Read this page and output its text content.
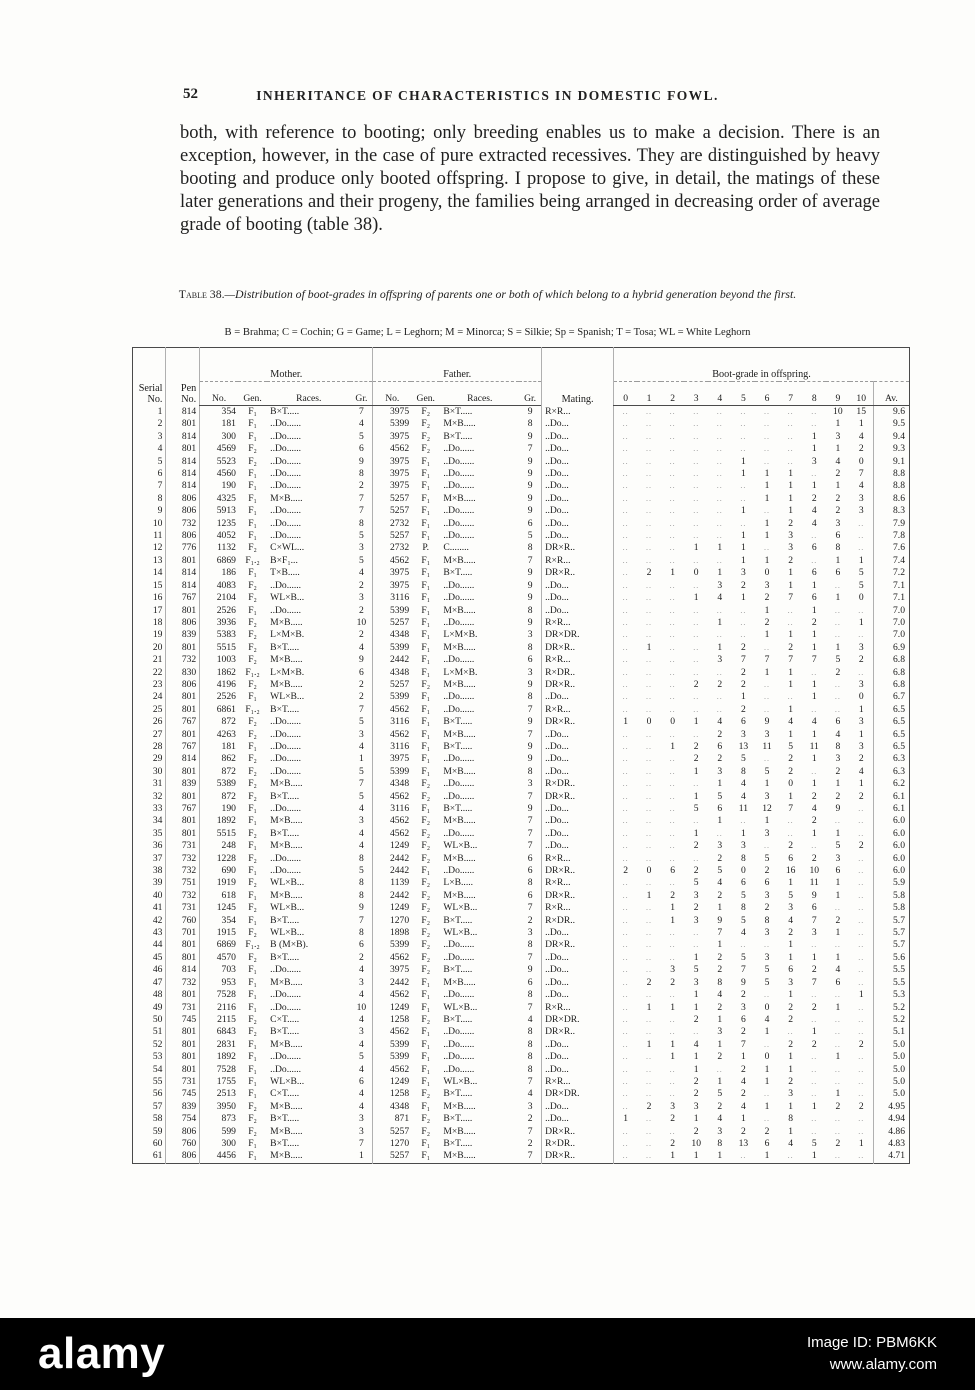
52	INHERITANCE OF CHARACTERISTICS IN DOMESTIC FOWL.

both, with reference to booting; only breeding enables us to make a decision. There is an exception, however, in the case of pure extracted recessives. They are distinguished by heavy booting and produce only booted offspring. I propose to give, in detail, the matings of these later generations and their progeny, the families being arranged in decreasing order of average grade of booting (table 38).

Table 38.—Distribution of boot-grades in offspring of parents one or both of which belong to a hybrid generation beyond the first.
B = Brahma; C = Cochin; G = Game; L = Leghorn; M = Minorca; S = Silkie; Sp = Spanish; T = Tosa; WL = White Leghorn
Serial No.	Pen No.	Mother.				Father.				Mating.	Boot-grade in offspring.											
		No.	Gen.	Races.	Gr.	No.	Gen.	Races.	Gr.		0	1	2	3	4	5	6	7	8	9	10	Av.
1	814	354	F₁	B×T.....	7	3975	F₂	B×T.....	9	R×R...	..	..	..	..	..	..	..	..	..	10	15	9.6
2	801	181	F₁	..Do......	4	5399	F₂	M×B.....	8	..Do...	..	..	..	..	..	..	..	..	..	1	1	9.5
3	814	300	F₁	..Do......	5	3975	F₂	B×T.....	9	..Do...	..	..	..	..	..	..	..	..	1	3	4	9.4
4	801	4569	F₂	..Do......	6	4562	F₂	..Do......	7	..Do...	..	..	..	..	..	..	..	..	1	1	2	9.3
5	814	5523	F₂	..Do......	9	3975	F₁	..Do......	9	..Do...	..	..	..	..	..	1	..	..	3	4	0	9.1
6	814	4560	F₁	..Do......	8	3975	F₁	..Do......	9	..Do...	..	..	..	..	..	1	1	1	..	2	7	8.8
7	814	190	F₁	..Do......	2	3975	F₁	..Do......	9	..Do...	..	..	..	..	..	..	1	1	1	1	4	8.8
8	806	4325	F₁	M×B.....	7	5257	F₁	M×B.....	9	..Do...	..	..	..	..	..	..	1	1	2	2	3	8.6
9	806	5913	F₁	..Do......	7	5257	F₁	..Do......	9	..Do...	..	..	..	..	..	1	..	1	4	2	3	8.3
10	732	1235	F₁	..Do......	8	2732	F₁	..Do......	6	..Do...	..	..	..	..	..	..	1	2	4	3	..	7.9
11	806	4052	F₁	..Do......	5	5257	F₁	..Do......	5	..Do...	..	..	..	..	..	1	1	3	..	6	..	7.8
12	776	1132	F₂	C×WL...	3	2732	P.	C........	8	DR×R..	..	..	..	1	1	1	..	3	6	8	..	7.6
13	801	6869	F₁.₂	B×F₁...	5	4562	F₁	M×B.....	7	R×R...	..	..	..	..	..	1	1	2	..	1	1	7.4
14	814	186	F₁	T×B.....	4	3975	F₁	B×T.....	9	DR×R..	..	2	1	0	1	3	0	1	6	6	5	7.2
15	814	4083	F₂	..Do......	2	3975	F₁	..Do......	9	..Do...	..	..	..	..	3	2	3	1	1	..	5	7.1
16	767	2104	F₂	WL×B...	3	3116	F₁	..Do......	9	..Do...	..	..	..	1	4	1	2	7	6	1	0	7.1
17	801	2526	F₁	..Do......	2	5399	F₁	M×B.....	8	..Do...	..	..	..	..	..	..	1	..	1	..	..	7.0
18	806	3936	F₂	M×B.....	10	5257	F₁	..Do......	9	R×R...	..	..	..	..	1	..	2	..	2	..	1	7.0
19	839	5383	F₂	L×M×B.	2	4348	F₁	L×M×B.	3	DR×DR.	..	..	..	..	..	..	1	1	1	..	..	7.0
20	801	5515	F₂	B×T.....	4	5399	F₁	M×B.....	8	DR×R..	..	1	..	..	1	2	..	2	1	1	3	6.9
21	732	1003	F₂	M×B.....	9	2442	F₁	..Do......	6	R×R...	..	..	..	..	3	7	7	7	7	5	2	6.8
22	830	1862	F₁.₂	L×M×B.	6	4348	F₁	L×M×B.	3	R×DR..	..	..	..	..	..	2	1	1	..	2	..	6.8
23	806	4196	F₂	M×B.....	2	5257	F₂	M×B.....	9	DR×R..	..	..	..	2	2	2	..	1	1	..	3	6.8
24	801	2526	F₁	WL×B...	2	5399	F₁	..Do......	8	..Do...	..	..	..	..	..	1	..	..	1	..	0	6.7
25	801	6861	F₁.₂	B×T.....	7	4562	F₁	..Do......	7	R×R...	..	..	..	..	..	2	..	1	..	..	1	6.5
26	767	872	F₂	..Do......	5	3116	F₁	B×T.....	9	DR×R..	1	0	0	1	4	6	9	4	4	6	3	6.5
27	801	4263	F₂	..Do......	3	4562	F₁	M×B.....	7	..Do...	..	..	..	..	2	3	3	1	1	4	1	6.5
28	767	181	F₁	..Do......	4	3116	F₁	B×T.....	9	..Do...	..	..	1	2	6	13	11	5	11	8	3	6.5
29	814	862	F₂	..Do......	1	3975	F₁	..Do......	9	..Do...	..	..	..	2	2	5	..	2	1	3	2	6.3
30	801	872	F₂	..Do......	5	5399	F₁	M×B.....	8	..Do...	..	..	..	1	3	8	5	2	..	2	4	6.3
31	839	5389	F₂	M×B.....	7	4348	F₂	..Do......	3	R×DR..	..	..	..	..	1	4	1	0	1	1	1	6.2
32	801	872	F₂	B×T.....	5	4562	F₂	..Do......	7	DR×R..	..	..	..	1	5	4	3	1	2	2	2	6.1
33	767	190	F₁	..Do......	4	3116	F₁	B×T.....	9	..Do...	..	..	..	5	6	11	12	7	4	9	..	6.1
34	801	1892	F₁	M×B.....	3	4562	F₂	M×B.....	7	..Do...	..	..	..	..	1	..	1	..	2	..	..	6.0
35	801	5515	F₂	B×T.....	4	4562	F₂	..Do......	7	..Do...	..	..	..	1	..	1	3	..	1	1	..	6.0
36	731	248	F₁	M×B.....	4	1249	F₂	WL×B...	7	..Do...	..	..	..	2	3	3	..	2	..	5	2	6.0
37	732	1228	F₂	..Do......	8	2442	F₂	M×B.....	6	R×R...	..	..	..	..	2	8	5	6	2	3	..	6.0
38	732	690	F₁	..Do......	5	2442	F₁	..Do......	6	DR×R..	2	0	6	2	5	0	2	16	10	6	..	6.0
39	751	1919	F₂	WL×B...	8	1139	F₂	L×B.....	8	R×R...	..	..	..	5	4	6	6	1	11	1	..	5.9
40	732	618	F₁	M×B.....	8	2442	F₂	M×B.....	6	DR×R..	..	1	2	3	2	5	3	5	9	1	..	5.8
41	731	1245	F₂	WL×B...	9	1249	F₂	WL×B...	7	R×R...	..	..	1	2	1	8	2	3	6	..	..	5.8
42	760	354	F₁	B×T.....	7	1270	F₂	B×T.....	2	R×DR..	..	..	1	3	9	5	8	4	7	2	..	5.7
43	701	1915	F₂	WL×B...	8	1898	F₂	WL×B...	3	..Do...	..	..	..	..	7	4	3	2	3	1	..	5.7
44	801	6869	F₁.₂	B (M×B).	6	5399	F₂	..Do......	8	DR×R..	..	..	..	..	1	..	..	1	..	..	..	5.7
45	801	4570	F₂	B×T.....	2	4562	F₂	..Do......	7	..Do...	..	..	..	1	2	5	3	1	1	1	..	5.6
46	814	703	F₁	..Do......	4	3975	F₂	B×T.....	9	..Do...	..	..	3	5	2	7	5	6	2	4	..	5.5
47	732	953	F₁	M×B.....	3	2442	F₁	M×B.....	6	..Do...	..	2	2	3	8	9	5	3	7	6	..	5.5
48	801	7528	F₁	..Do......	4	4562	F₁	..Do......	8	..Do...	..	..	..	1	4	2	..	1	..	..	1	5.3
49	731	2116	F₁	..Do......	10	1249	F₁	WL×B...	7	R×R...	..	1	1	1	2	3	0	2	2	1	..	5.2
50	745	2115	F₂	C×T.....	4	1258	F₂	B×T.....	4	DR×DR.	..	..	..	2	1	6	4	2	..	..	..	5.2
51	801	6843	F₂	B×T.....	3	4562	F₁	..Do......	8	DR×R..	..	..	..	..	3	2	1	..	1	..	..	5.1
52	801	2831	F₁	M×B.....	4	5399	F₁	..Do......	8	..Do...	..	1	1	4	1	7	..	2	2	..	2	5.0
53	801	1892	F₁	..Do......	5	5399	F₁	..Do......	8	..Do...	..	..	1	1	2	1	0	1	..	1	..	5.0
54	801	7528	F₁	..Do......	4	4562	F₁	..Do......	8	..Do...	..	..	..	1	..	2	1	1	..	..	..	5.0
55	731	1755	F₁	WL×B...	6	1249	F₁	WL×B...	7	R×R...	..	..	..	2	1	4	1	2	..	..	..	5.0
56	745	2513	F₁	C×T.....	4	1258	F₂	B×T.....	4	DR×DR.	..	..	..	2	5	2	..	3	..	1	..	5.0
57	839	3950	F₂	M×B.....	4	4348	F₁	M×B.....	3	..Do...	..	2	3	3	2	4	1	1	1	2	2	4.95
58	754	873	F₂	B×T.....	3	871	F₂	B×T.....	2	..Do...	1	..	2	1	4	1	..	8	..	..	..	4.94
59	806	599	F₂	M×B.....	3	5257	F₂	M×B.....	7	DR×R..	..	..	..	2	3	2	2	1	..	..	..	4.86
60	760	300	F₁	B×T.....	7	1270	F₁	B×T.....	2	R×DR..	..	..	2	10	8	13	6	4	5	2	1	4.83
61	806	4456	F₁	M×B.....	1	5257	F₁	M×B.....	7	DR×R..	..	..	1	1	1	..	1	..	1	..	..	4.71
alamy	Image ID: PBM6KK
www.alamy.com
